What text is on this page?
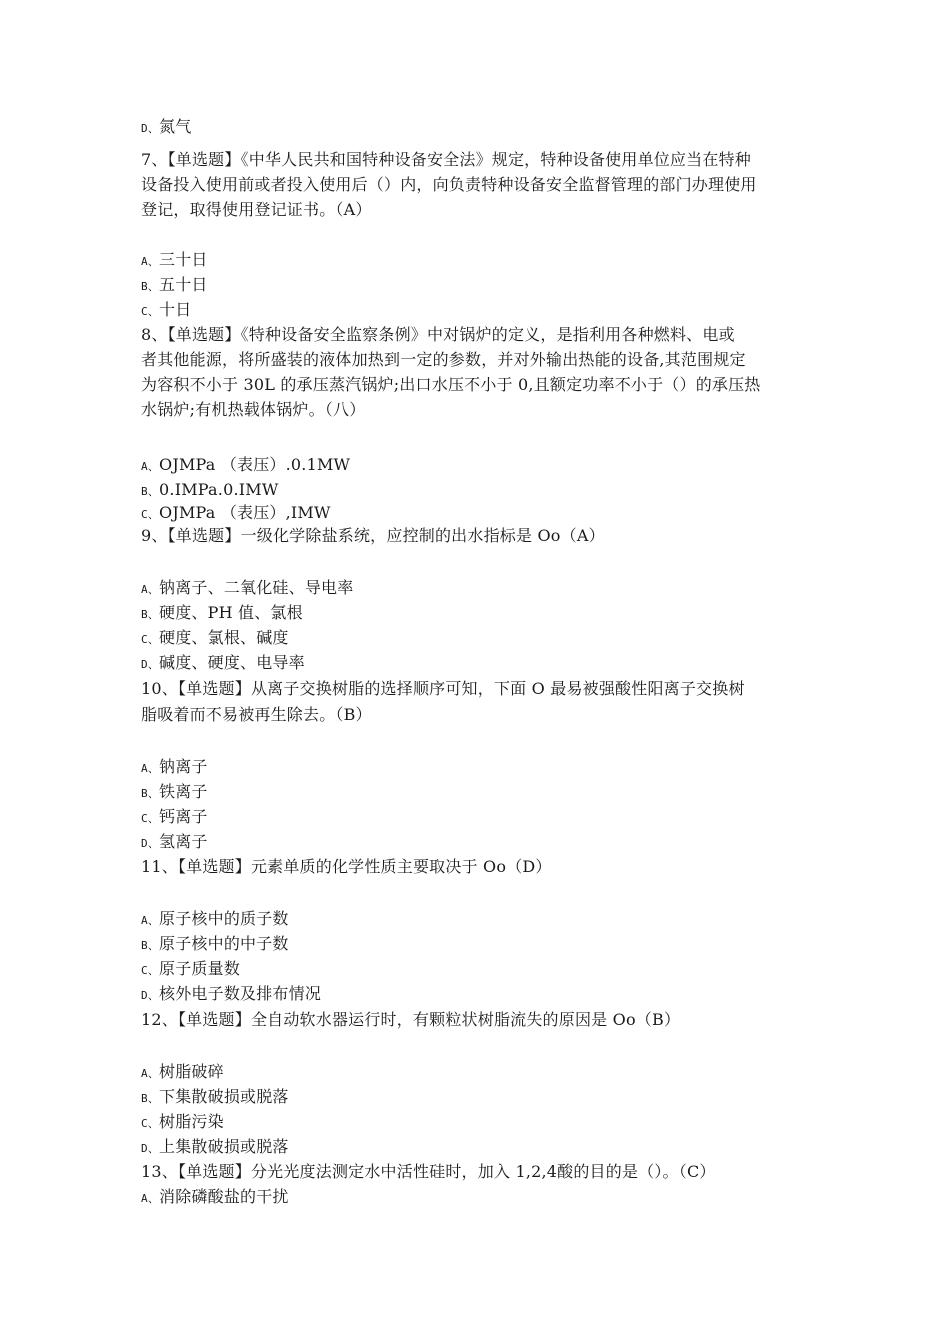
D、氮气
7、【单选题】《中华人民共和国特种设备安全法》规定，特种设备使用单位应当在特种
设备投入使用前或者投入使用后（）内，向负责特种设备安全监督管理的部门办理使用
登记，取得使用登记证书。（A）
A、三十日
B、五十日
C、十日
8、【单选题】《特种设备安全监察条例》中对锅炉的定义，是指利用各种燃料、电或
者其他能源，将所盛装的液体加热到一定的参数，并对外输出热能的设备,其范围规定
为容积不小于 30L 的承压蒸汽锅炉;出口水压不小于 0,且额定功率不小于（）的承压热
水锅炉;有机热载体锅炉。（八）
A、OJMPa （表压）.0.1MW
B、0.IMPa.0.IMW
C、OJMPa （表压）,IMW
9、【单选题】一级化学除盐系统，应控制的出水指标是 Oo（A）
A、钠离子、二氧化硅、导电率
B、硬度、PH 值、氯根
C、硬度、氯根、碱度
D、碱度、硬度、电导率
10、【单选题】从离子交换树脂的选择顺序可知，下面 O 最易被强酸性阳离子交换树
脂吸着而不易被再生除去。（B）
A、钠离子
B、铁离子
C、钙离子
D、氢离子
11、【单选题】元素单质的化学性质主要取决于 Oo（D）
A、原子核中的质子数
B、原子核中的中子数
C、原子质量数
D、核外电子数及排布情况
12、【单选题】全自动软水器运行时，有颗粒状树脂流失的原因是 Oo（B）
A、树脂破碎
B、下集散破损或脱落
C、树脂污染
D、上集散破损或脱落
13、【单选题】分光光度法测定水中活性硅时，加入 1,2,4酸的目的是（）。（C）
A、消除磷酸盐的干扰
